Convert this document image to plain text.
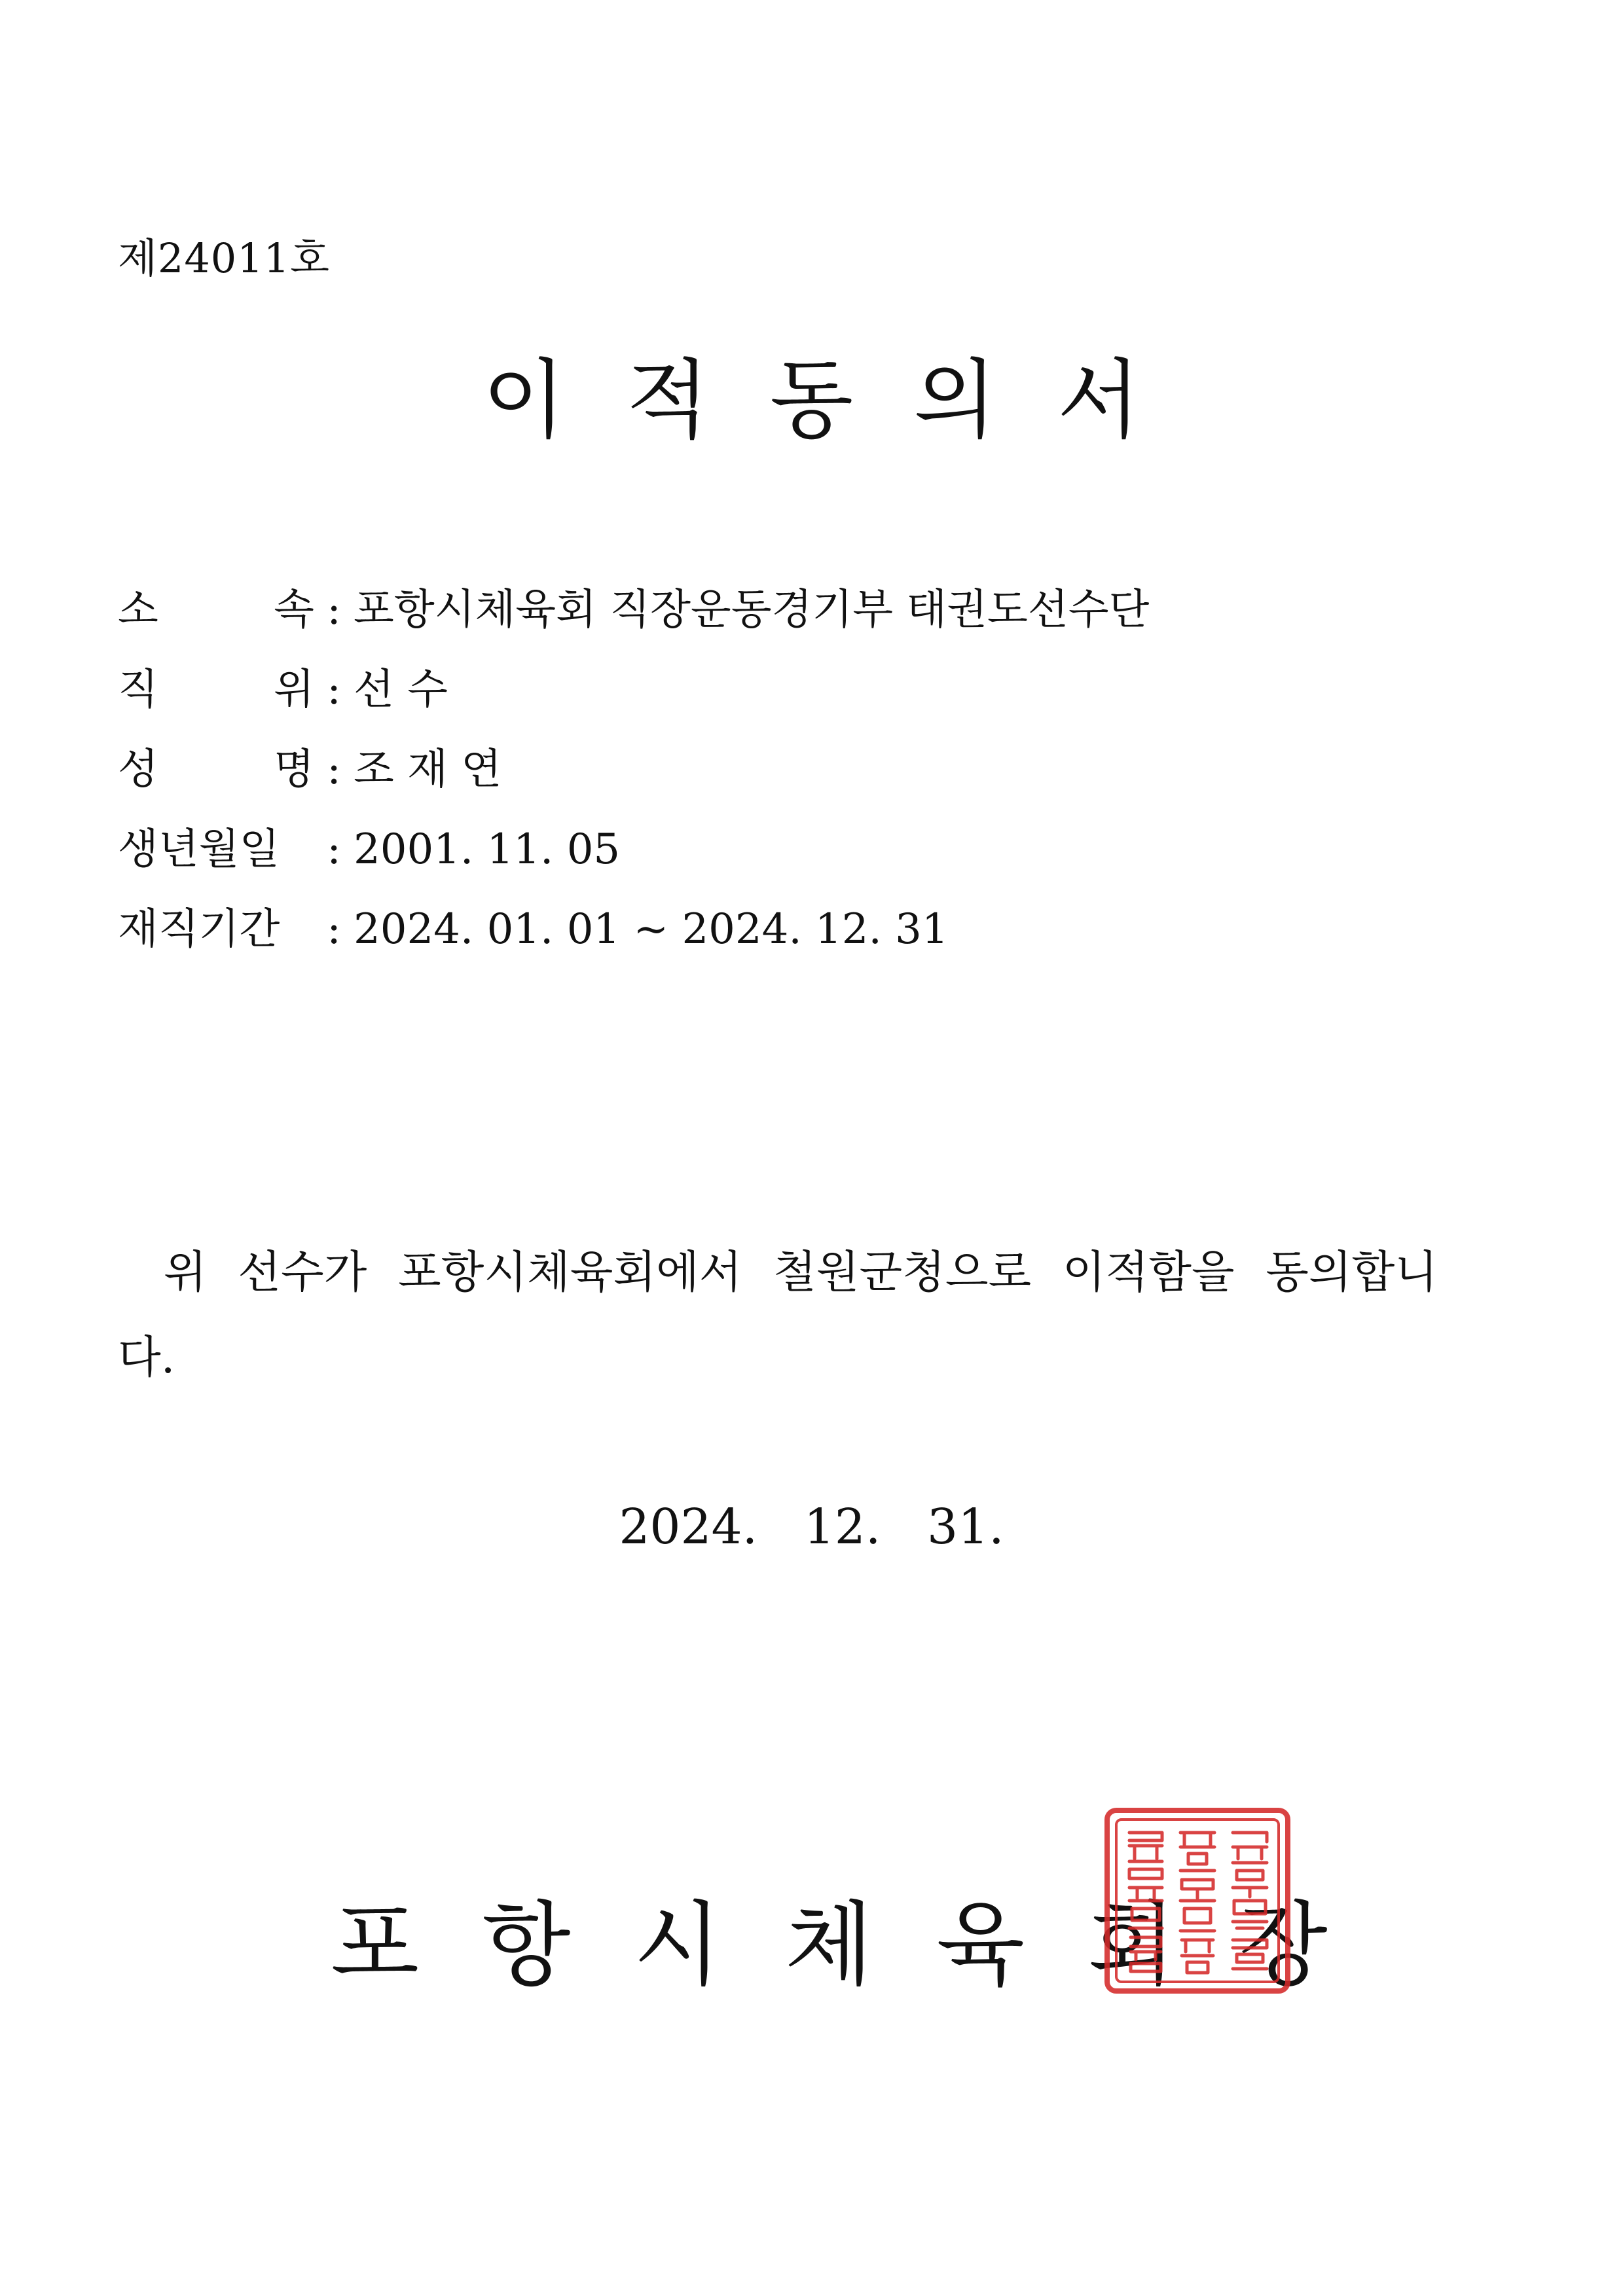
제24011호
이적동의서
소	속 : 포항시체육회 직장운동경기부 태권도선수단
직	위 : 선 수
성	명 : 조 재 연
생년월일	: 2001. 11. 05
재직기간	: 2024. 01. 01 ~ 2024. 12. 31
위 선수가 포항시체육회에서 철원군청으로 이적함을 동의합니다.
2024.   12.   31.
포항시체육회장
포항시체육회장인
